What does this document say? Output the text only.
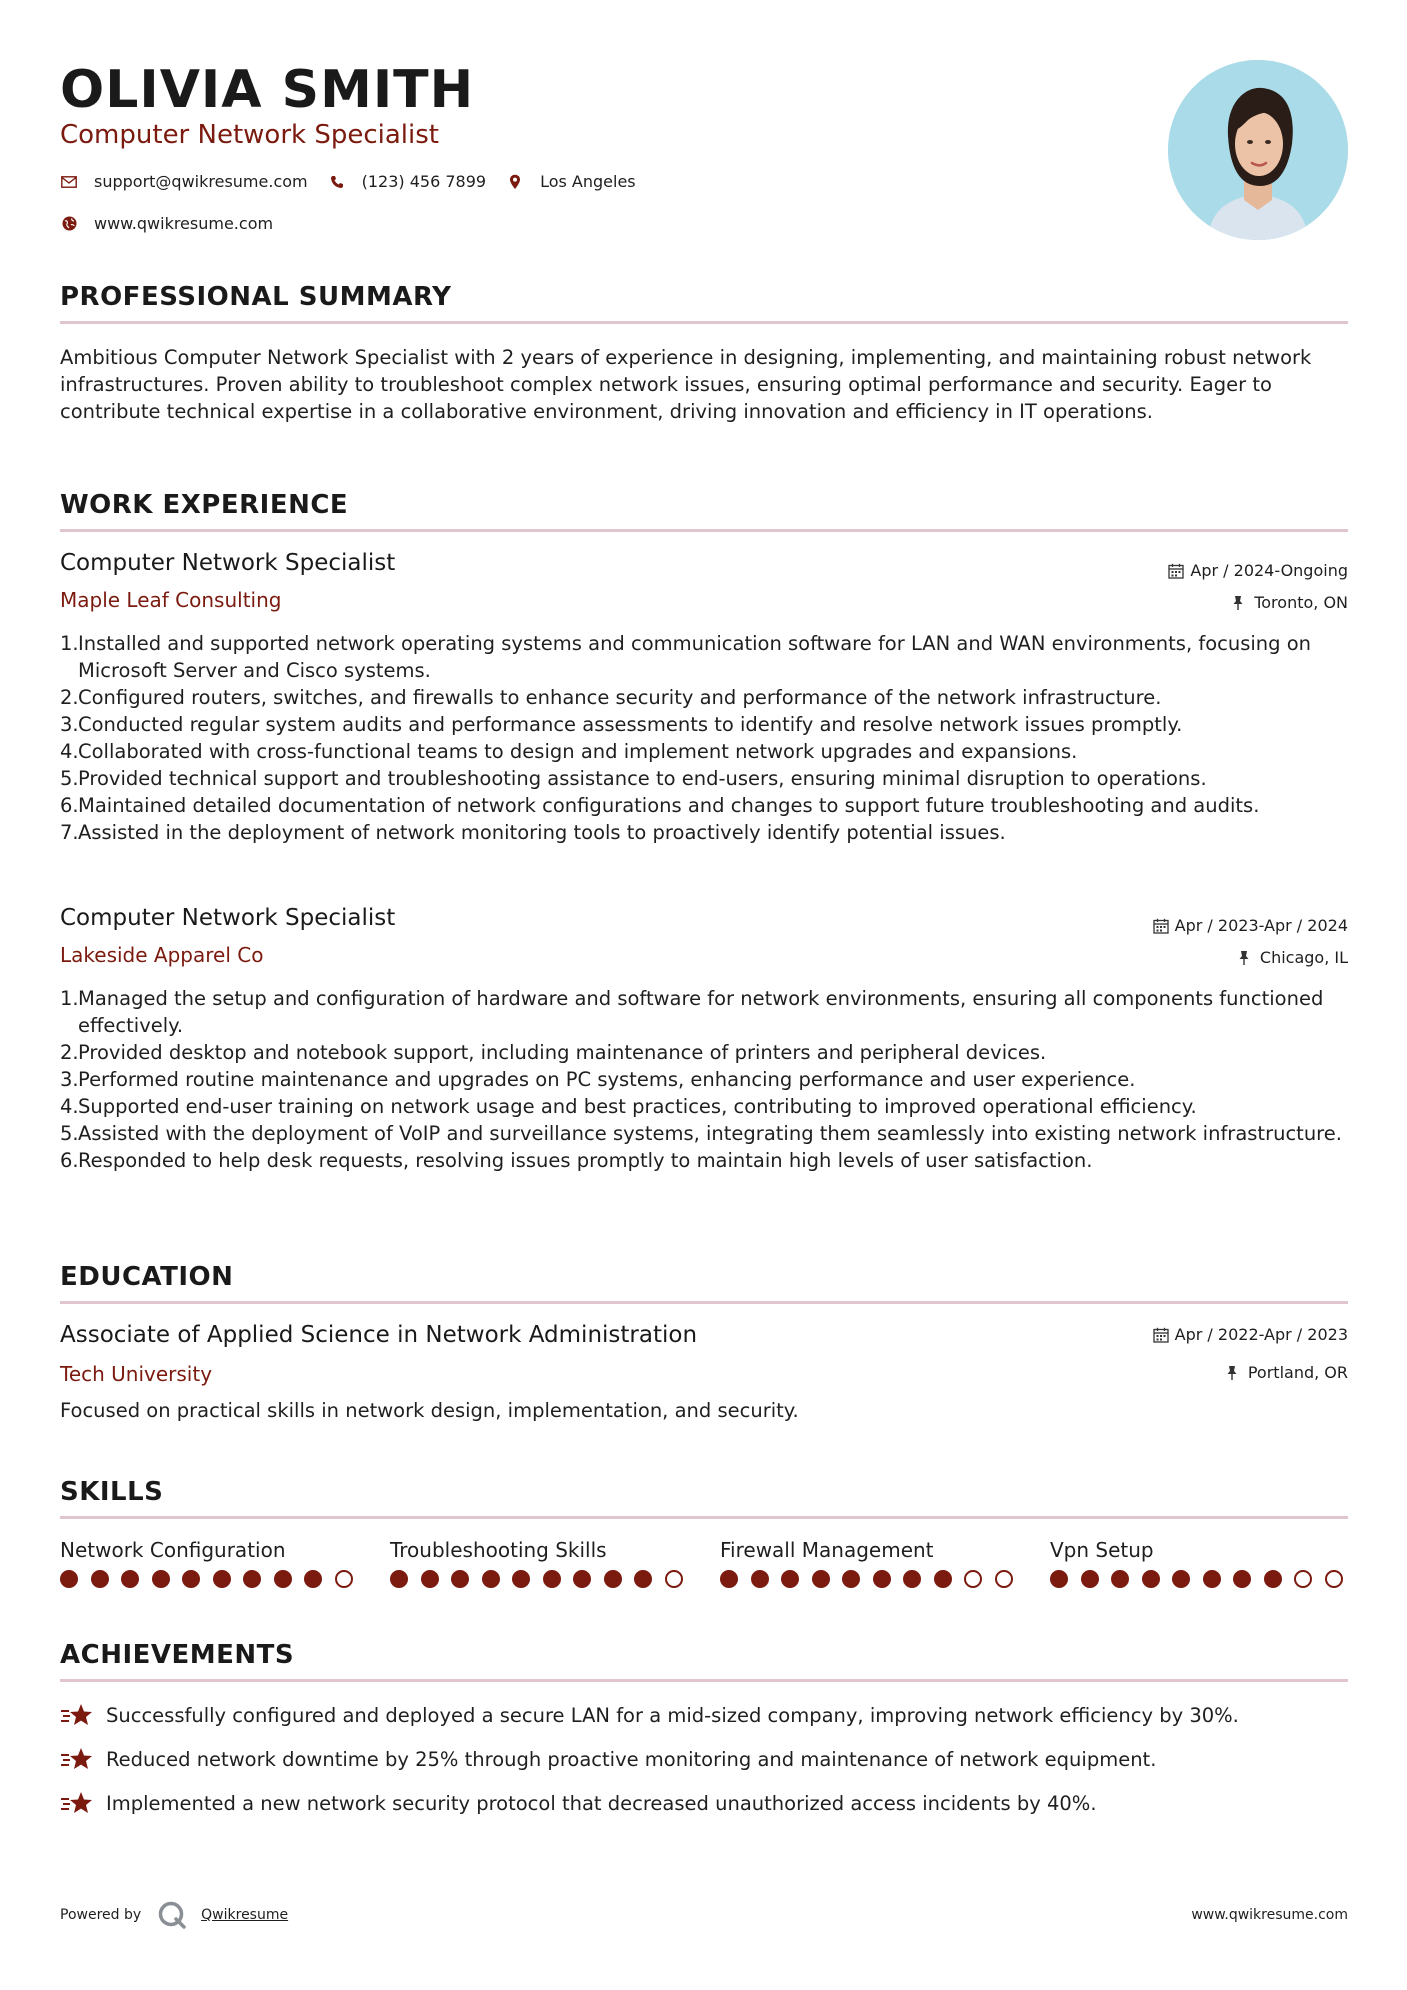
OLIVIA SMITH
Computer Network Specialist
support@qwikresume.com	(123) 456 7899	Los Angeles
www.qwikresume.com
PROFESSIONAL SUMMARY
Ambitious Computer Network Specialist with 2 years of experience in designing, implementing, and maintaining robust network infrastructures. Proven ability to troubleshoot complex network issues, ensuring optimal performance and security. Eager to contribute technical expertise in a collaborative environment, driving innovation and efficiency in IT operations.
WORK EXPERIENCE
Computer Network Specialist
Maple Leaf Consulting
Apr / 2024-Ongoing
Toronto, ON
1. Installed and supported network operating systems and communication software for LAN and WAN environments, focusing on Microsoft Server and Cisco systems.
2. Configured routers, switches, and firewalls to enhance security and performance of the network infrastructure.
3. Conducted regular system audits and performance assessments to identify and resolve network issues promptly.
4. Collaborated with cross-functional teams to design and implement network upgrades and expansions.
5. Provided technical support and troubleshooting assistance to end-users, ensuring minimal disruption to operations.
6. Maintained detailed documentation of network configurations and changes to support future troubleshooting and audits.
7. Assisted in the deployment of network monitoring tools to proactively identify potential issues.
Computer Network Specialist
Lakeside Apparel Co
Apr / 2023-Apr / 2024
Chicago, IL
1. Managed the setup and configuration of hardware and software for network environments, ensuring all components functioned effectively.
2. Provided desktop and notebook support, including maintenance of printers and peripheral devices.
3. Performed routine maintenance and upgrades on PC systems, enhancing performance and user experience.
4. Supported end-user training on network usage and best practices, contributing to improved operational efficiency.
5. Assisted with the deployment of VoIP and surveillance systems, integrating them seamlessly into existing network infrastructure.
6. Responded to help desk requests, resolving issues promptly to maintain high levels of user satisfaction.
EDUCATION
Associate of Applied Science in Network Administration
Tech University
Apr / 2022-Apr / 2023
Portland, OR
Focused on practical skills in network design, implementation, and security.
SKILLS
Network Configuration	Troubleshooting Skills	Firewall Management	Vpn Setup
ACHIEVEMENTS
Successfully configured and deployed a secure LAN for a mid-sized company, improving network efficiency by 30%.
Reduced network downtime by 25% through proactive monitoring and maintenance of network equipment.
Implemented a new network security protocol that decreased unauthorized access incidents by 40%.
Powered by	Qwikresume	www.qwikresume.com
